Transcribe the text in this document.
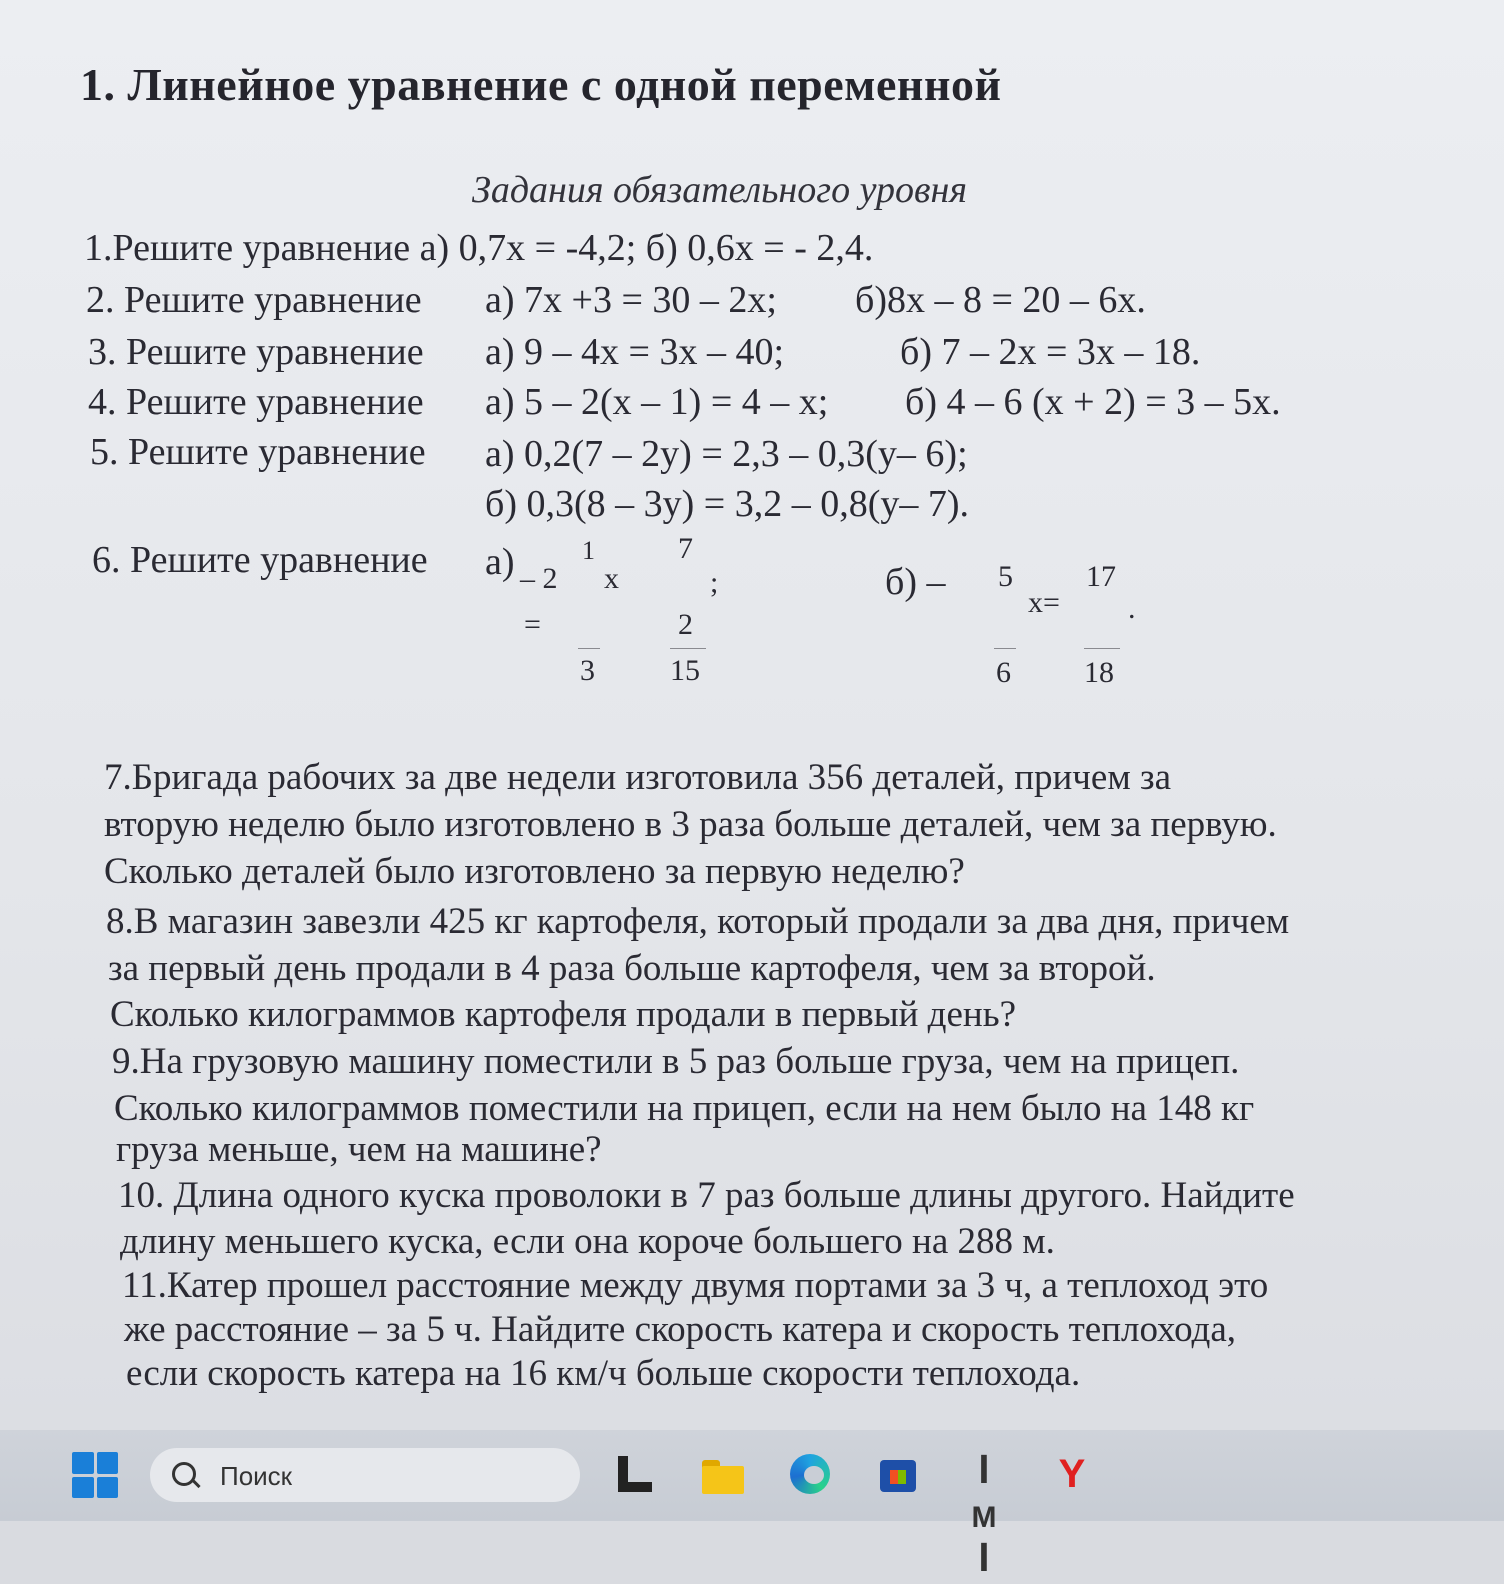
1. Линейное уравнение с одной переменной
Задания обязательного уровня
1.Решите уравнение а) 0,7х = -4,2; б) 0,6х = - 2,4.
2. Решите уравнение а) 7х +3 = 30 – 2х; б)8х – 8 = 20 – 6х.
3. Решите уравнение а) 9 – 4х = 3х – 40;	б) 7 – 2х = 3х – 18.
4. Решите уравнение а) 5 – 2(х – 1) = 4 – х; б) 4 – 6 (х + 2) = 3 – 5х.
5. Решите уравнение а) 0,2(7 – 2у) = 2,3 – 0,3(у– 6);
б) 0,3(8 – 3у) = 3,2 – 0,8(у– 7).
6. Решите уравнение а) – 2
1
х
=
3
7
;
2
15
б) – 5
х=
6
17
.
18
7.Бригада рабочих за две недели изготовила 356 деталей, причем за
вторую неделю было изготовлено в 3 раза больше деталей, чем за первую.
Сколько деталей было изготовлено за первую неделю?
8.В магазин завезли 425 кг картофеля, который продали за два дня, причем
за первый день продали в 4 раза больше картофеля, чем за второй.
Сколько килограммов картофеля продали в первый день?
9.На грузовую машину поместили в 5 раз больше груза, чем на прицеп.
Сколько килограммов поместили на прицеп, если на нем было на 148 кг
груза меньше, чем на машине?
10. Длина одного куска проволоки в 7 раз больше длины другого. Найдите
длину меньшего куска, если она короче большего на 288 м.
11.Катер прошел расстояние между двумя портами за 3 ч, а теплоход это
же расстояние – за 5 ч. Найдите скорость катера и скорость теплохода,
если скорость катера на 16 км/ч больше скорости теплохода.
Поиск	ꟾ M ꟾ
Y
